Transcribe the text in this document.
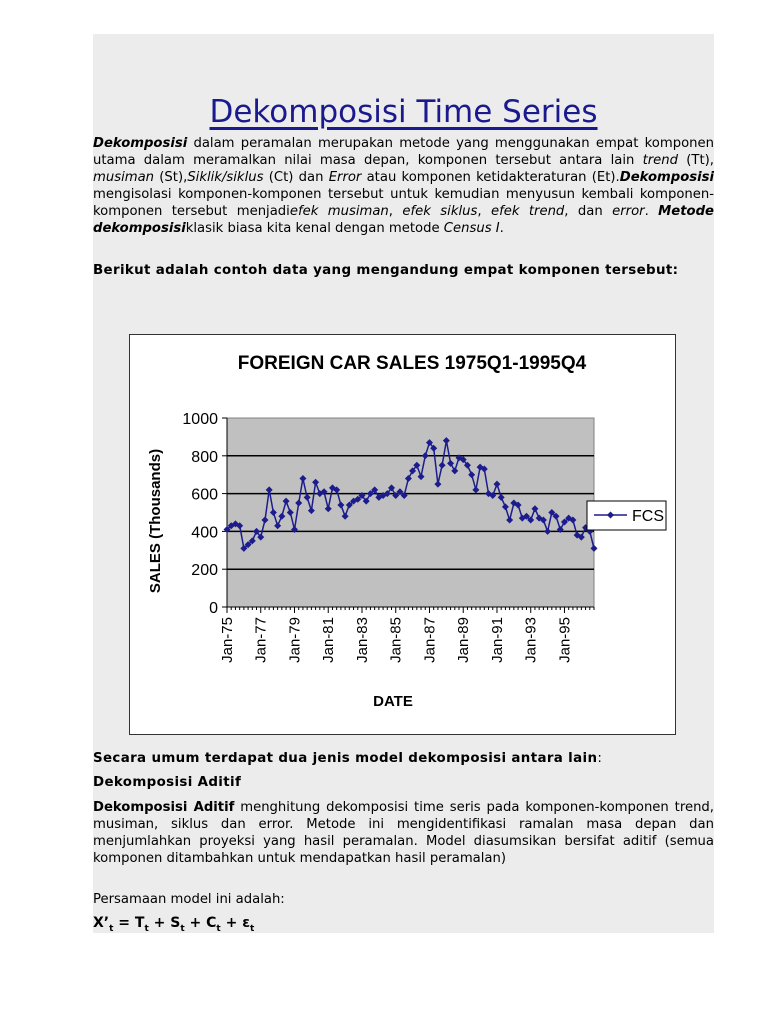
Dekomposisi Time Series

Dekomposisi dalam peramalan merupakan metode yang menggunakan empat komponen utama dalam meramalkan nilai masa depan, komponen tersebut antara lain trend (Tt), musiman (St),Siklik/siklus (Ct) dan Error atau komponen ketidakteraturan (Et).Dekomposisi mengisolasi komponen-komponen tersebut untuk kemudian menyusun kembali komponen-komponen tersebut menjadiefek musiman, efek siklus, efek trend, dan error. Metode dekomposisiklasik biasa kita kenal dengan metode Census I.

Berikut adalah contoh data yang mengandung empat komponen tersebut:

0
200
400
600
800
1000
Jan-75 Jan-77 Jan-79 Jan-81 Jan-83 Jan-85 Jan-87 Jan-89 Jan-91 Jan-93 Jan-95
FOREIGN CAR SALES 1975Q1-1995Q4
DATE
SALES (Thousands)	FCS

Secara umum terdapat dua jenis model dekomposisi antara lain:

Dekomposisi Aditif

Dekomposisi Aditif menghitung dekomposisi time seris pada komponen-komponen trend, musiman, siklus dan error. Metode ini mengidentifikasi ramalan masa depan dan menjumlahkan proyeksi yang hasil peramalan. Model diasumsikan bersifat aditif (semua komponen ditambahkan untuk mendapatkan hasil peramalan)

Persamaan model ini adalah:

$X’_t = T_t + S_t + C_t + \varepsilon_t$
